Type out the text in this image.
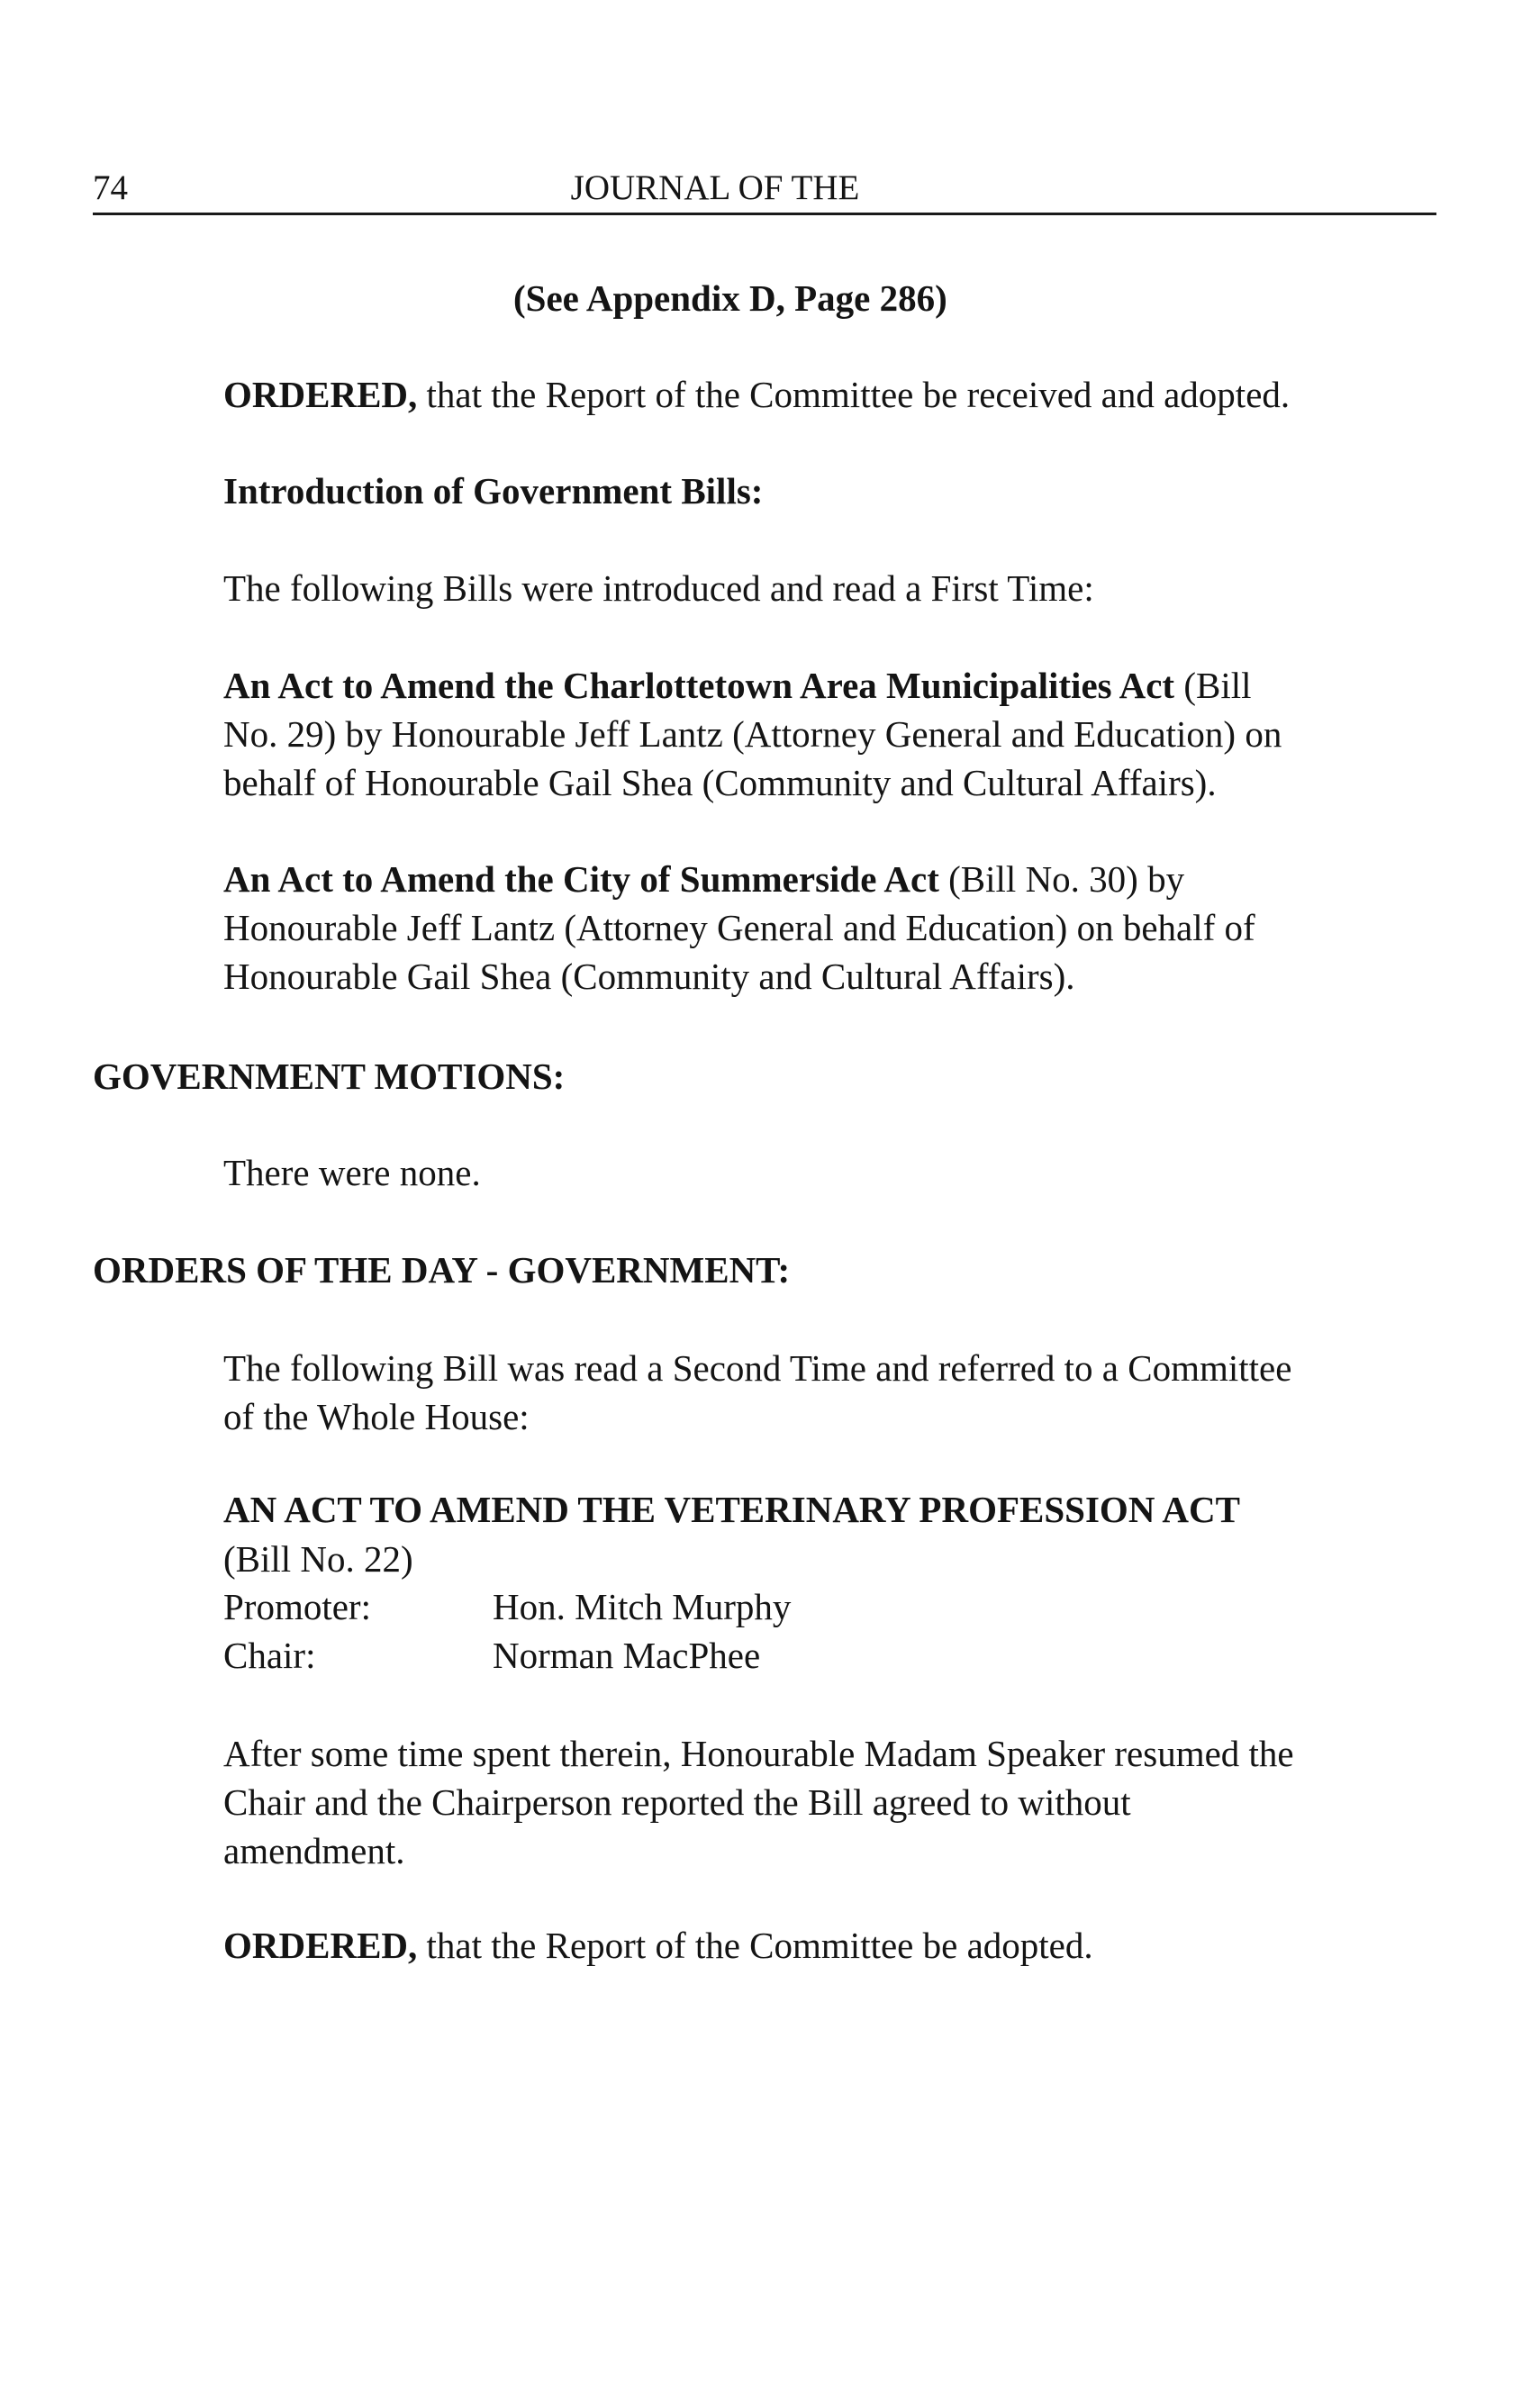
74	JOURNAL OF THE
(See Appendix D, Page 286)
ORDERED, that the Report of the Committee be received and adopted.
Introduction of Government Bills:
The following Bills were introduced and read a First Time:

An Act to Amend the Charlottetown Area Municipalities Act (Bill

No. 29) by Honourable Jeff Lantz (Attorney General and Education) on

behalf of Honourable Gail Shea (Community and Cultural Affairs).

An Act to Amend the City of Summerside Act (Bill No. 30) by

Honourable Jeff Lantz (Attorney General and Education) on behalf of

Honourable Gail Shea (Community and Cultural Affairs).

GOVERNMENT MOTIONS:
There were none.
ORDERS OF THE DAY - GOVERNMENT:

The following Bill was read a Second Time and referred to a Committee

of the Whole House:

AN ACT TO AMEND THE VETERINARY PROFESSION ACT
(Bill No. 22)
Promoter:	Hon. Mitch Murphy
Chair:	Norman MacPhee

After some time spent therein, Honourable Madam Speaker resumed the

Chair and the Chairperson reported the Bill agreed to without

amendment.

ORDERED, that the Report of the Committee be adopted.
